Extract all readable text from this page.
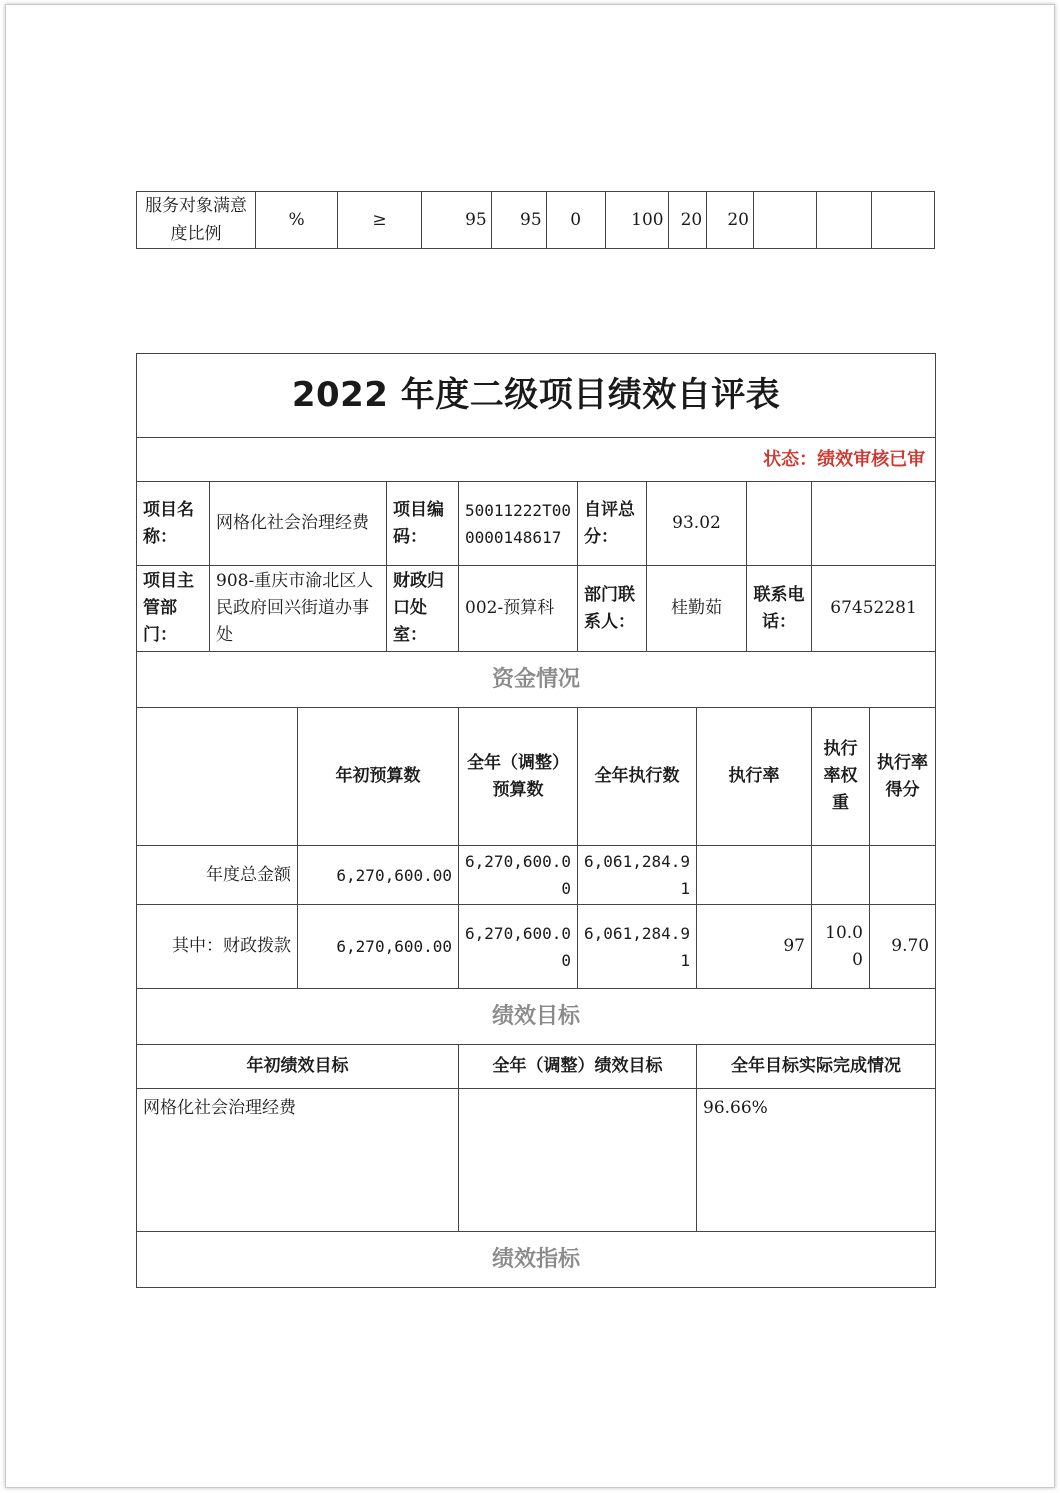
服务对象满意度比例	%	≥	95	95	0	100	20	20			
2022 年度二级项目绩效自评表										
状态：绩效审核已审										
项目名称：	网格化社会治理经费		项目编码：	50011222T000000148617	自评总分：	93.02				
项目主管部门：	908-重庆市渝北区人民政府回兴街道办事处		财政归口处室：	002-预算科	部门联系人：	桂勤茹		联系电话：	67452281	
资金情况										
		年初预算数		全年（调整）预算数	全年执行数		执行率		执行率权重	执行率得分
年度总金额		6,270,600.00		6,270,600.00	6,061,284.91					
其中：财政拨款		6,270,600.00		6,270,600.00	6,061,284.91		97		10.00	9.70
绩效目标										
年初绩效目标				全年（调整）绩效目标			全年目标实际完成情况			
网格化社会治理经费							96.66%			
绩效指标										
